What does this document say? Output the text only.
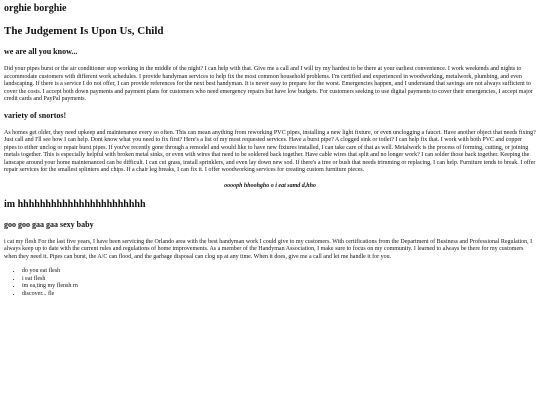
orghie borghie
The Judgement Is Upon Us, Child
we are all you know...

Did your pipes burst or the air conditioner stop working in the middle of the night? I can help with that. Give me a call and I will try my hardest to be there at your earliest convenience. I work weekends and nights to accommodate customers with different work schedules. I provide handyman services to help fix the most common household problems. I'm certified and experienced in woodworking, metalwork, plumbing, and even landscaping. If there is a service I do not offer, I can provide references for the next best handyman. It is never easy to prepare for the worst. Emergencies happen, and I understand that savings are not always sufficient to cover the costs. I accept both down payments and payment plans for customers who need emergency repairs but have low budgets. For customers seeking to use digital payments to cover their emergencies, I accept major credit cards and PayPal payments.

variety of snortos!

As homes get older, they need upkeep and maintenance every so often. This can mean anything from reworking PVC pipes, installing a new light fixture, or even unclogging a faucet. Have another object that needs fixing? Just call and I'll see how I can help. Dont know what you need to fix first? Here's a list of my most requested services. Have a burst pipe? A clogged sink or toilet? I can help fix that. I work with both PVC and copper pipes to either unclog or repair burst pipes. If you've recently gone through a remodel and would like to have new fixtures installed, I can take care of that as well. Metalwork is the process of forming, cutting, or joining metals together. This is especially helpful with broken metal sinks, or even with wires that need to be soldered back together. Have cable wires that split and no longer work? I can solder those back together. Keeping the lanscape around your home maintenanced can be difficult. I can cut grass, install sprinklers, and even lay down new sod. If there's a tree or bush that needs trimming or replacing, I can help. Furniture tends to break. I offer repair services for the smallest splinters and chips. If a chair leg breaks, I can fix it. I offer woodworking services for creating custom furniture pieces.

ooooph hhoohgho o i eat samd d,hho

im hhhhhhhhhhhhhhhhhhhhhhh
goo goo gaa gaa sexy baby

i cat my flesh For the last five years, I have been servicing the Orlando area with the best handyman work I could give to my customers. With certifications from the Department of Business and Professional Regulation, I always keep up to date with the current rules and regulations of home improvements. As a member of the Handyman Association, I make sure to focus on my community. I learned to always be there for my customers when they need it. Pipes can burst, the A/C can flood, and the garbage disposal can clog up at any time. When it does, give me a call and let me handle it for you.

• do you eat flesh
• i eat flesh
• im ea,ting my flensh rn
• discover... fle
